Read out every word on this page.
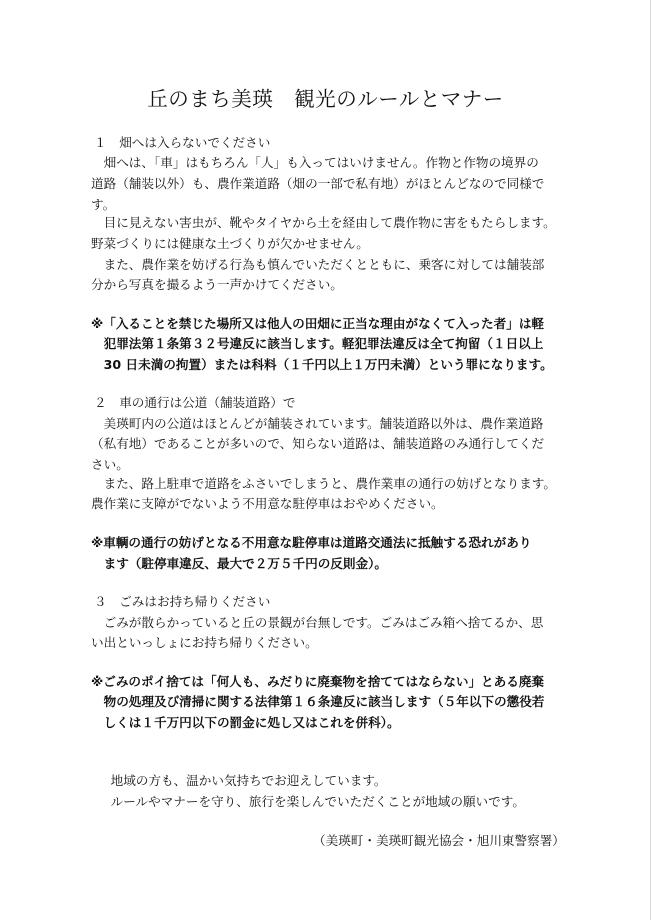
丘のまち美瑛　観光のルールとマナー
１　畑へは入らないでください
　畑へは、「車」はもちろん「人」も入ってはいけません。作物と作物の境界の
道路（舗装以外）も、農作業道路（畑の一部で私有地）がほとんどなので同様で
す。
　目に見えない害虫が、靴やタイヤから土を経由して農作物に害をもたらします。
野菜づくりには健康な土づくりが欠かせません。
　また、農作業を妨げる行為も慎んでいただくとともに、乗客に対しては舗装部
分から写真を撮るよう一声かけてください。
※「入ることを禁じた場所又は他人の田畑に正当な理由がなくて入った者」は軽
　犯罪法第１条第３２号違反に該当します。軽犯罪法違反は全て拘留（１日以上
　30 日未満の拘置）または科料（１千円以上１万円未満）という罪になります。
２　車の通行は公道（舗装道路）で
　美瑛町内の公道はほとんどが舗装されています。舗装道路以外は、農作業道路
（私有地）であることが多いので、知らない道路は、舗装道路のみ通行してくだ
さい。
　また、路上駐車で道路をふさいでしまうと、農作業車の通行の妨げとなります。
農作業に支障がでないよう不用意な駐停車はおやめください。
※車輌の通行の妨げとなる不用意な駐停車は道路交通法に抵触する恐れがあり
　ます（駐停車違反、最大で２万５千円の反則金）。
３　ごみはお持ち帰りください
　ごみが散らかっていると丘の景観が台無しです。ごみはごみ箱へ捨てるか、思
い出といっしょにお持ち帰りください。
※ごみのポイ捨ては「何人も、みだりに廃棄物を捨ててはならない」とある廃棄
　物の処理及び清掃に関する法律第１６条違反に該当します（５年以下の懲役若
　しくは１千万円以下の罰金に処し又はこれを併科）。
　地域の方も、温かい気持ちでお迎えしています。
　ルールやマナーを守り、旅行を楽しんでいただくことが地域の願いです。
（美瑛町・美瑛町観光協会・旭川東警察署）
